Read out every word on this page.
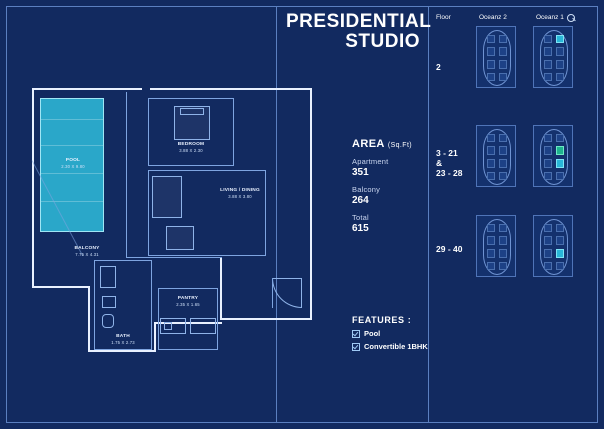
PRESIDENTIAL
STUDIO
AREA (Sq.Ft)
Apartment
351
Balcony
264
Total
615
FEATURES :
Pool
Convertible 1BHK
Floor	Oceanz 2	Oceanz 1
2
3 - 21
&
23 - 28
29 - 40
POOL
2.30 X 9.80
BALCONY
7.75 X 4.31
BEDROOM
3.88 X 2.30
LIVING / DINING
3.88 X 3.80
PANTRY
2.35 X 1.65
BATH
1.75 X 2.73
